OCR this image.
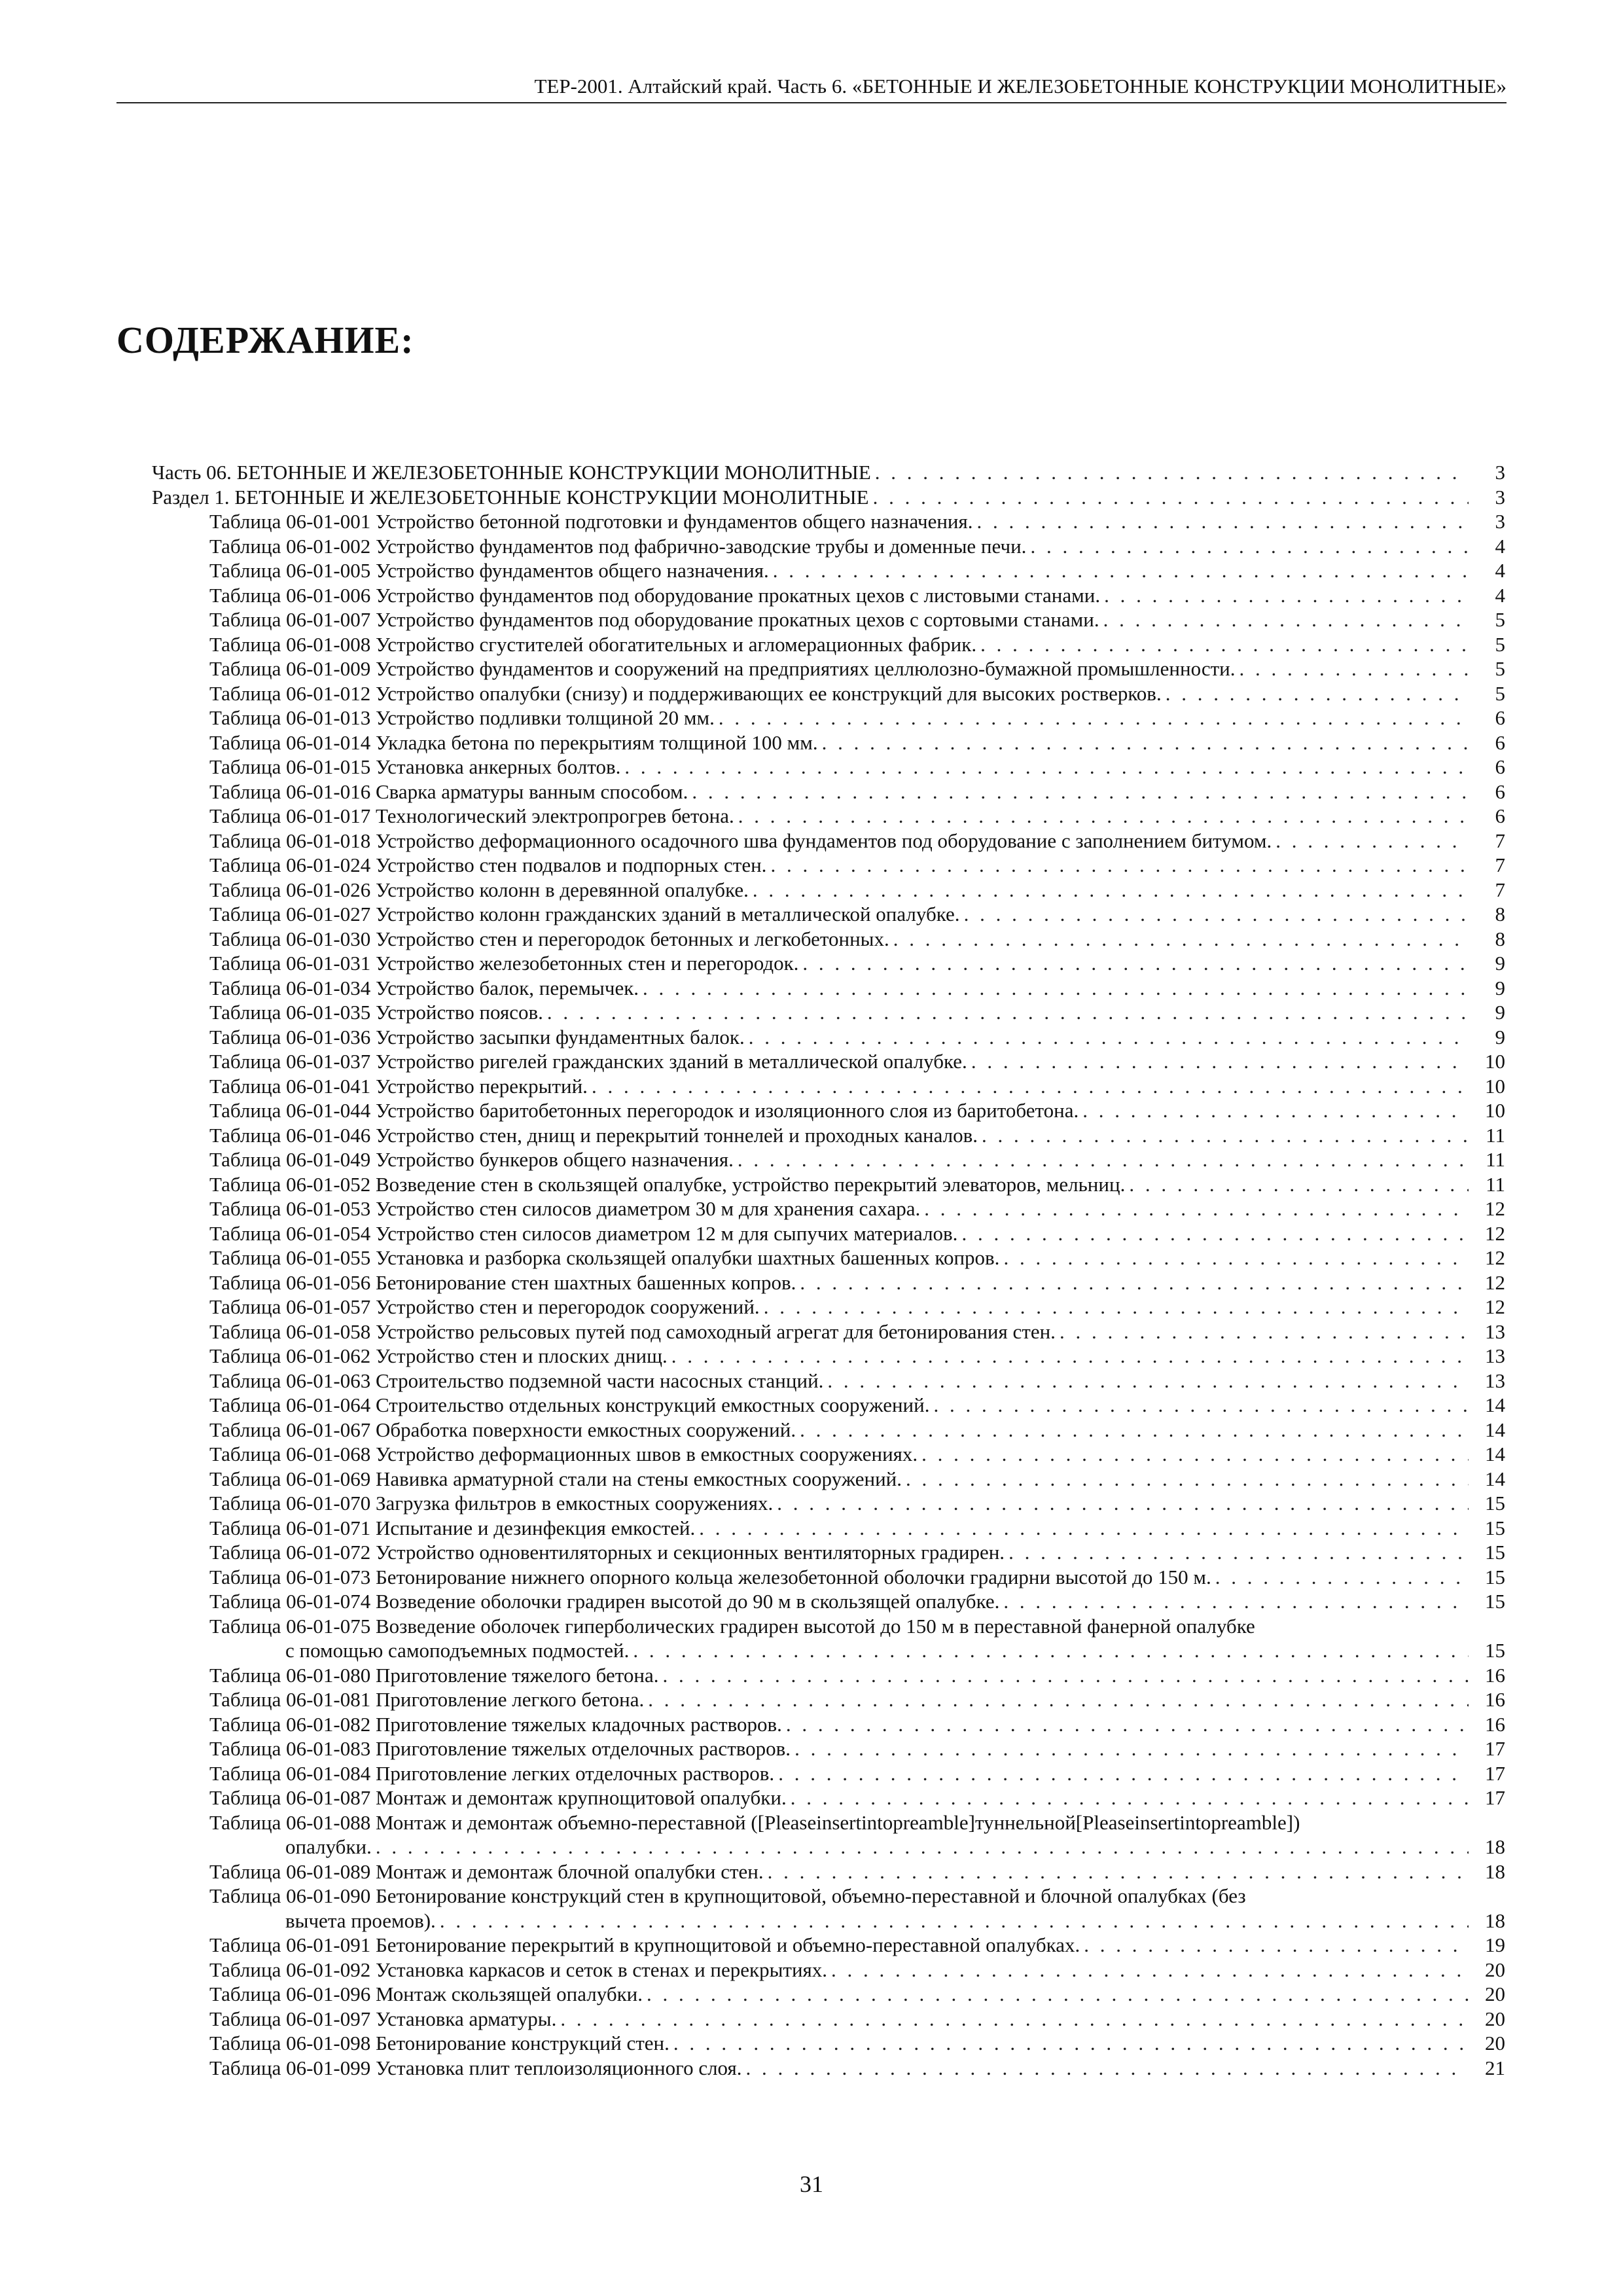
ТЕР-2001. Алтайский край. Часть 6. «БЕТОННЫЕ И ЖЕЛЕЗОБЕТОННЫЕ КОНСТРУКЦИИ МОНОЛИТНЫЕ»
СОДЕРЖАНИЕ:
Часть 06. БЕТОННЫЕ И ЖЕЛЕЗОБЕТОННЫЕ КОНСТРУКЦИИ МОНОЛИТНЫЕ . . .	3
Раздел 1. БЕТОННЫЕ И ЖЕЛЕЗОБЕТОННЫЕ КОНСТРУКЦИИ МОНОЛИТНЫЕ . . .	3
Таблица 06-01-001 Устройство бетонной подготовки и фундаментов общего назначения. . . .	3
Таблица 06-01-002 Устройство фундаментов под фабрично-заводские трубы и доменные печи. . . .	4
Таблица 06-01-005 Устройство фундаментов общего назначения. . . .	4
Таблица 06-01-006 Устройство фундаментов под оборудование прокатных цехов с листовыми станами. . . .	4
Таблица 06-01-007 Устройство фундаментов под оборудование прокатных цехов с сортовыми станами. . . .	5
Таблица 06-01-008 Устройство сгустителей обогатительных и агломерационных фабрик. . . .	5
Таблица 06-01-009 Устройство фундаментов и сооружений на предприятиях целлюлозно-бумажной промышленности. . . .	5
Таблица 06-01-012 Устройство опалубки (снизу) и поддерживающих ее конструкций для высоких ростверков. . . .	5
Таблица 06-01-013 Устройство подливки толщиной 20 мм. . . .	6
Таблица 06-01-014 Укладка бетона по перекрытиям толщиной 100 мм. . . .	6
Таблица 06-01-015 Установка анкерных болтов. . . .	6
Таблица 06-01-016 Сварка арматуры ванным способом. . . .	6
Таблица 06-01-017 Технологический электропрогрев бетона. . . .	6
Таблица 06-01-018 Устройство деформационного осадочного шва фундаментов под оборудование с заполнением битумом. . . .	7
Таблица 06-01-024 Устройство стен подвалов и подпорных стен. . . .	7
Таблица 06-01-026 Устройство колонн в деревянной опалубке. . . .	7
Таблица 06-01-027 Устройство колонн гражданских зданий в металлической опалубке. . . .	8
Таблица 06-01-030 Устройство стен и перегородок бетонных и легкобетонных. . . .	8
Таблица 06-01-031 Устройство железобетонных стен и перегородок. . . .	9
Таблица 06-01-034 Устройство балок, перемычек. . . .	9
Таблица 06-01-035 Устройство поясов. . . .	9
Таблица 06-01-036 Устройство засыпки фундаментных балок. . . .	9
Таблица 06-01-037 Устройство ригелей гражданских зданий в металлической опалубке. . . .	10
Таблица 06-01-041 Устройство перекрытий. . . .	10
Таблица 06-01-044 Устройство баритобетонных перегородок и изоляционного слоя из баритобетона. . . .	10
Таблица 06-01-046 Устройство стен, днищ и перекрытий тоннелей и проходных каналов. . . .	11
Таблица 06-01-049 Устройство бункеров общего назначения. . . .	11
Таблица 06-01-052 Возведение стен в скользящей опалубке, устройство перекрытий элеваторов, мельниц. . . .	11
Таблица 06-01-053 Устройство стен силосов диаметром 30 м для хранения сахара. . . .	12
Таблица 06-01-054 Устройство стен силосов диаметром 12 м для сыпучих материалов. . . .	12
Таблица 06-01-055 Установка и разборка скользящей опалубки шахтных башенных копров. . . .	12
Таблица 06-01-056 Бетонирование стен шахтных башенных копров. . . .	12
Таблица 06-01-057 Устройство стен и перегородок сооружений. . . .	12
Таблица 06-01-058 Устройство рельсовых путей под самоходный агрегат для бетонирования стен. . . .	13
Таблица 06-01-062 Устройство стен и плоских днищ. . . .	13
Таблица 06-01-063 Строительство подземной части насосных станций. . . .	13
Таблица 06-01-064 Строительство отдельных конструкций емкостных сооружений. . . .	14
Таблица 06-01-067 Обработка поверхности емкостных сооружений. . . .	14
Таблица 06-01-068 Устройство деформационных швов в емкостных сооружениях. . . .	14
Таблица 06-01-069 Навивка арматурной стали на стены емкостных сооружений. . . .	14
Таблица 06-01-070 Загрузка фильтров в емкостных сооружениях. . . .	15
Таблица 06-01-071 Испытание и дезинфекция емкостей. . . .	15
Таблица 06-01-072 Устройство одновентиляторных и секционных вентиляторных градирен. . . .	15
Таблица 06-01-073 Бетонирование нижнего опорного кольца железобетонной оболочки градирни высотой до 150 м. . . .	15
Таблица 06-01-074 Возведение оболочки градирен высотой до 90 м в скользящей опалубке. . . .	15
Таблица 06-01-075 Возведение оболочек гиперболических градирен высотой до 150 м в переставной фанерной опалубке
с помощью самоподъемных подмостей. . . .	15
Таблица 06-01-080 Приготовление тяжелого бетона. . . .	16
Таблица 06-01-081 Приготовление легкого бетона. . . .	16
Таблица 06-01-082 Приготовление тяжелых кладочных растворов. . . .	16
Таблица 06-01-083 Приготовление тяжелых отделочных растворов. . . .	17
Таблица 06-01-084 Приготовление легких отделочных растворов. . . .	17
Таблица 06-01-087 Монтаж и демонтаж крупнощитовой опалубки. . . .	17
Таблица 06-01-088 Монтаж и демонтаж объемно-переставной ([Pleaseinsertintopreamble]туннельной[Pleaseinsertintopreamble])
опалубки. . . .	18
Таблица 06-01-089 Монтаж и демонтаж блочной опалубки стен. . . .	18
Таблица 06-01-090 Бетонирование конструкций стен в крупнощитовой, объемно-переставной и блочной опалубках (без
вычета проемов). . . .	18
Таблица 06-01-091 Бетонирование перекрытий в крупнощитовой и объемно-переставной опалубках. . . .	19
Таблица 06-01-092 Установка каркасов и сеток в стенах и перекрытиях. . . .	20
Таблица 06-01-096 Монтаж скользящей опалубки. . . .	20
Таблица 06-01-097 Установка арматуры. . . .	20
Таблица 06-01-098 Бетонирование конструкций стен. . . .	20
Таблица 06-01-099 Установка плит теплоизоляционного слоя. . . .	21
31
